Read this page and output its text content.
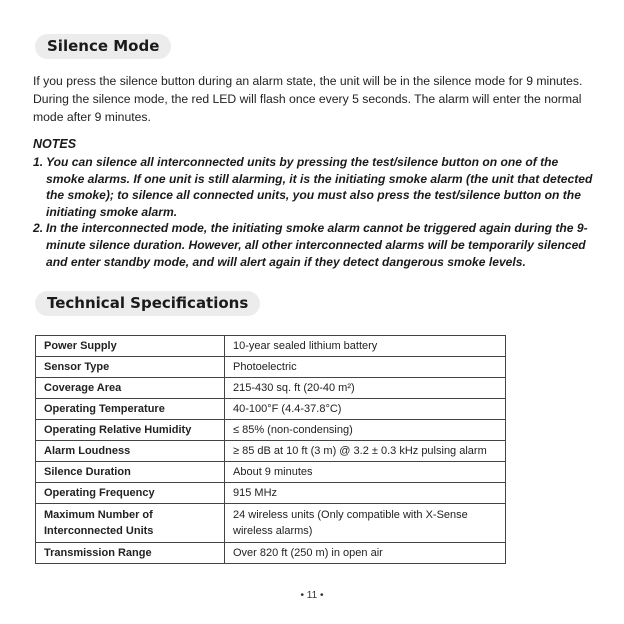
Silence Mode

If you press the silence button during an alarm state, the unit will be in the silence mode for 9 minutes. During the silence mode, the red LED will flash once every 5 seconds. The alarm will enter the normal mode after 9 minutes.

NOTES
1. You can silence all interconnected units by pressing the test/silence button on one of the smoke alarms. If one unit is still alarming, it is the initiating smoke alarm (the unit that detected the smoke); to silence all connected units, you must also press the test/silence button on the initiating smoke alarm.
2. In the interconnected mode, the initiating smoke alarm cannot be triggered again during the 9-minute silence duration. However, all other interconnected alarms will be temporarily silenced and enter standby mode, and will alert again if they detect dangerous smoke levels.
Technical Specifications
Power Supply	10-year sealed lithium battery
Sensor Type	Photoelectric
Coverage Area	215-430 sq. ft (20-40 m²)
Operating Temperature	40-100°F (4.4-37.8°C)
Operating Relative Humidity	≤ 85% (non-condensing)
Alarm Loudness	≥ 85 dB at 10 ft (3 m) @ 3.2 ± 0.3 kHz pulsing alarm
Silence Duration	About 9 minutes
Operating Frequency	915 MHz
Maximum Number of Interconnected Units	24 wireless units (Only compatible with X-Sense wireless alarms)
Transmission Range	Over 820 ft (250 m) in open air
• 11 •
